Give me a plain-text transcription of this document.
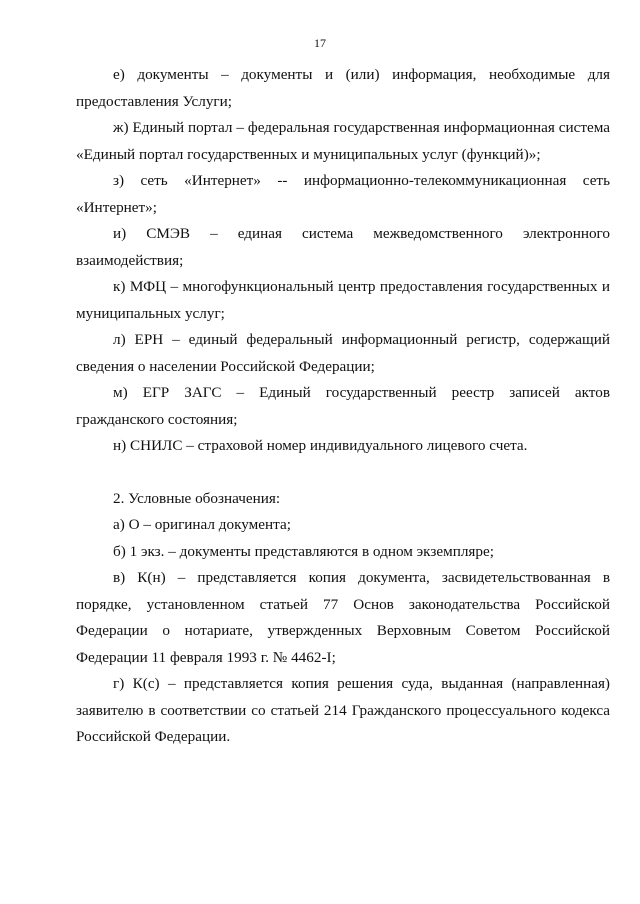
17

е) документы – документы и (или) информация, необходимые для предоставления Услуги;

ж) Единый портал – федеральная государственная информационная система «Единый портал государственных и муниципальных услуг (функций)»;

з) сеть «Интернет» -- информационно-телекоммуникационная сеть «Интернет»;

и) СМЭВ – единая система межведомственного электронного взаимодействия;

к) МФЦ – многофункциональный центр предоставления государственных и муниципальных услуг;

л) ЕРН – единый федеральный информационный регистр, содержащий сведения о населении Российской Федерации;

м) ЕГР ЗАГС – Единый государственный реестр записей актов гражданского состояния;

н) СНИЛС – страховой номер индивидуального лицевого счета.

2. Условные обозначения:

а) О – оригинал документа;

б) 1 экз. – документы представляются в одном экземпляре;

в) К(н) – представляется копия документа, засвидетельствованная в порядке, установленном статьей 77 Основ законодательства Российской Федерации о нотариате, утвержденных Верховным Советом Российской Федерации 11 февраля 1993 г. № 4462-I;

г) К(с) – представляется копия решения суда, выданная (направленная) заявителю в соответствии со статьей 214 Гражданского процессуального кодекса Российской Федерации.
